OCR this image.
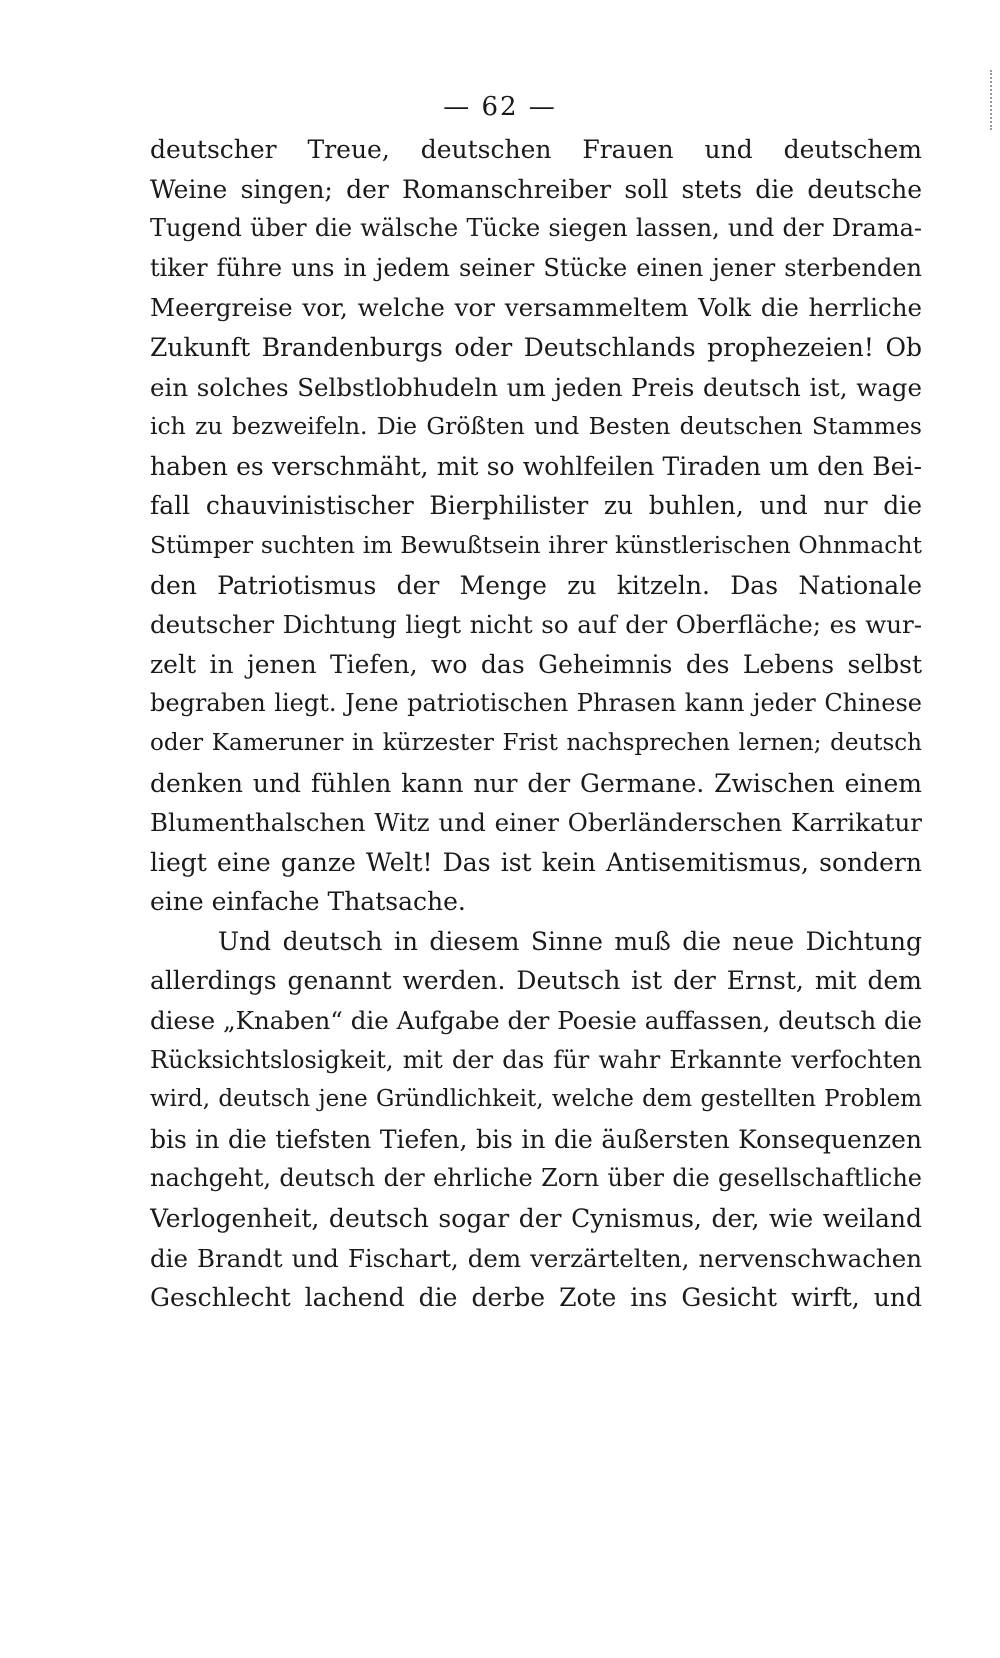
— 62 —
deutscher Treue, deutschen Frauen und deutschem
Weine singen; der Romanschreiber soll stets die deutsche
Tugend über die wälsche Tücke siegen lassen, und der Drama-
tiker führe uns in jedem seiner Stücke einen jener sterbenden
Meergreise vor, welche vor versammeltem Volk die herrliche
Zukunft Brandenburgs oder Deutschlands prophezeien! Ob
ein solches Selbstlobhudeln um jeden Preis deutsch ist, wage
ich zu bezweifeln. Die Größten und Besten deutschen Stammes
haben es verschmäht, mit so wohlfeilen Tiraden um den Bei-
fall chauvinistischer Bierphilister zu buhlen, und nur die
Stümper suchten im Bewußtsein ihrer künstlerischen Ohnmacht
den Patriotismus der Menge zu kitzeln. Das Nationale
deutscher Dichtung liegt nicht so auf der Oberfläche; es wur-
zelt in jenen Tiefen, wo das Geheimnis des Lebens selbst
begraben liegt. Jene patriotischen Phrasen kann jeder Chinese
oder Kameruner in kürzester Frist nachsprechen lernen; deutsch
denken und fühlen kann nur der Germane. Zwischen einem
Blumenthalschen Witz und einer Oberländerschen Karrikatur
liegt eine ganze Welt! Das ist kein Antisemitismus, sondern
eine einfache Thatsache.
Und deutsch in diesem Sinne muß die neue Dichtung
allerdings genannt werden. Deutsch ist der Ernst, mit dem
diese „Knaben“ die Aufgabe der Poesie auffassen, deutsch die
Rücksichtslosigkeit, mit der das für wahr Erkannte verfochten
wird, deutsch jene Gründlichkeit, welche dem gestellten Problem
bis in die tiefsten Tiefen, bis in die äußersten Konsequenzen
nachgeht, deutsch der ehrliche Zorn über die gesellschaftliche
Verlogenheit, deutsch sogar der Cynismus, der, wie weiland
die Brandt und Fischart, dem verzärtelten, nervenschwachen
Geschlecht lachend die derbe Zote ins Gesicht wirft, und
